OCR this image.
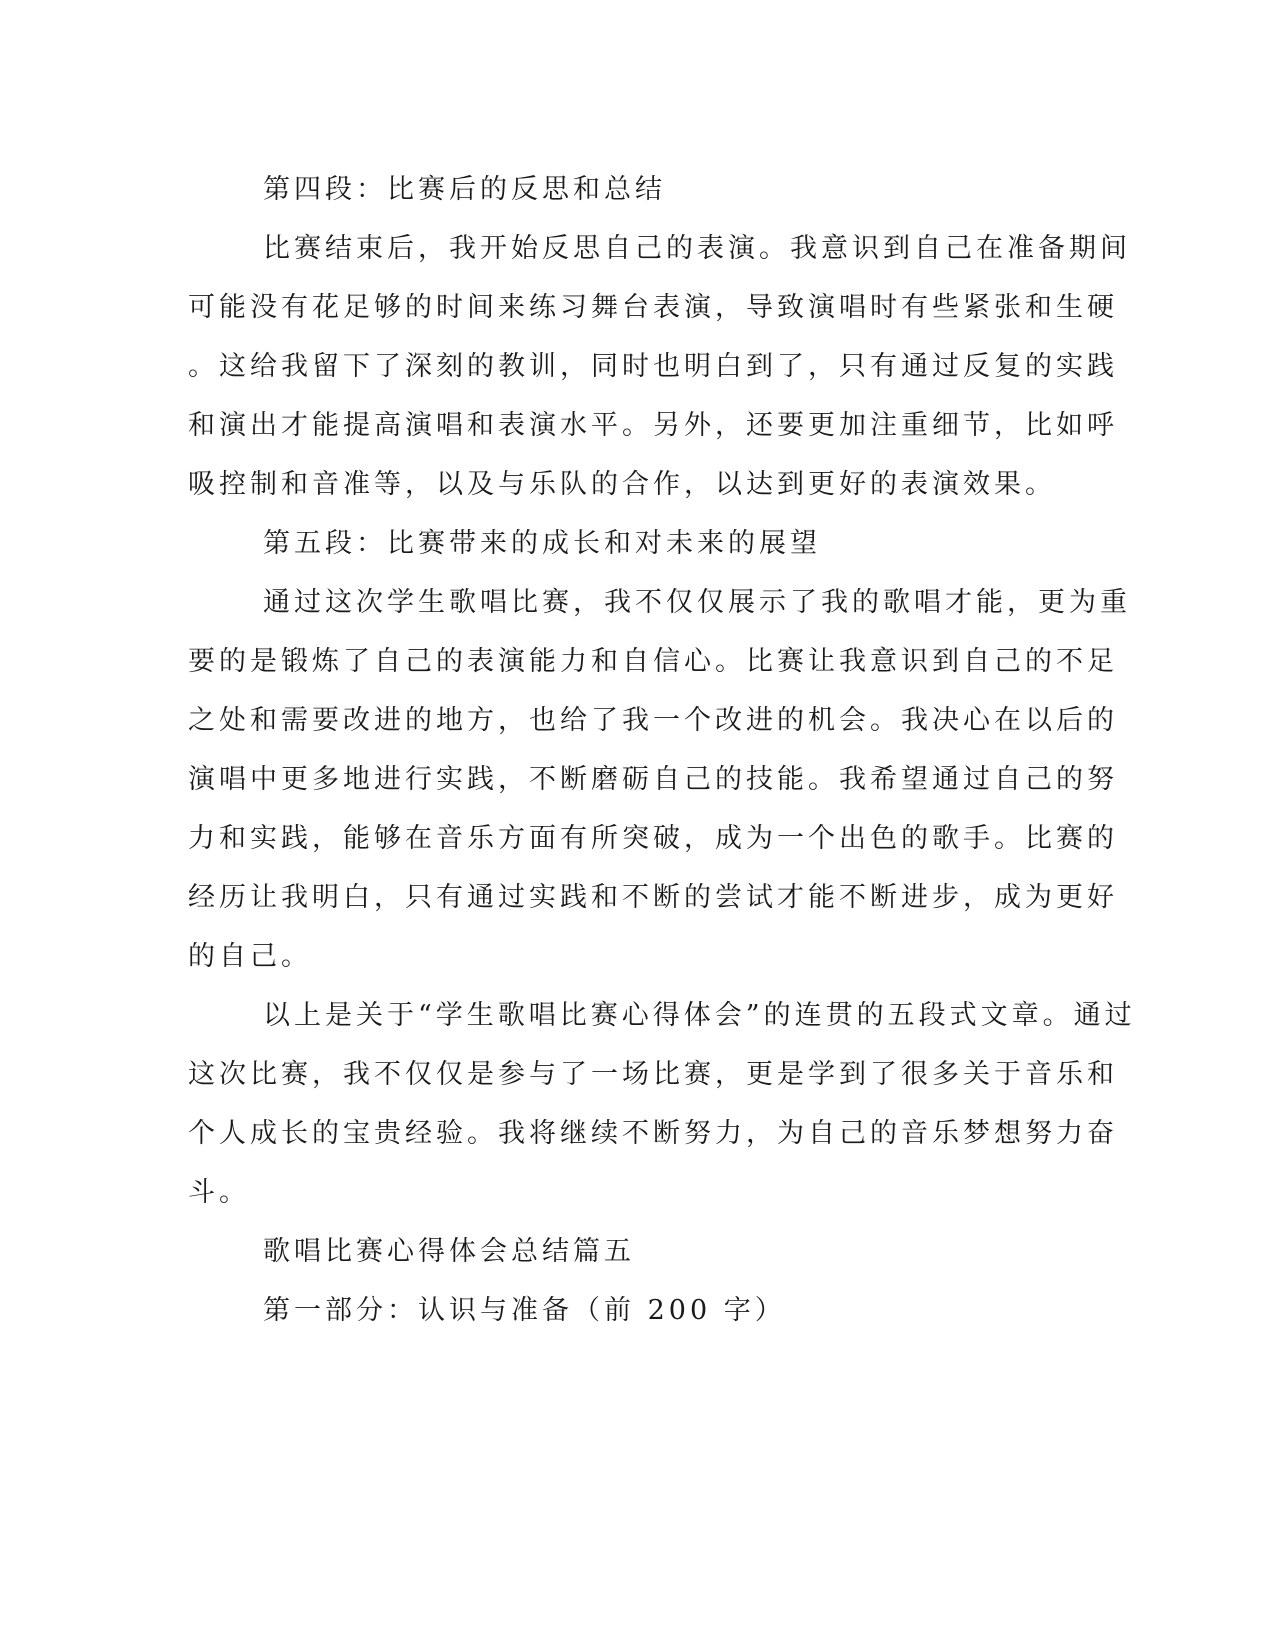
第四段：比赛后的反思和总结

比赛结束后，我开始反思自己的表演。我意识到自己在准备期间

可能没有花足够的时间来练习舞台表演，导致演唱时有些紧张和生硬

。这给我留下了深刻的教训，同时也明白到了，只有通过反复的实践

和演出才能提高演唱和表演水平。另外，还要更加注重细节，比如呼

吸控制和音准等，以及与乐队的合作，以达到更好的表演效果。

第五段：比赛带来的成长和对未来的展望

通过这次学生歌唱比赛，我不仅仅展示了我的歌唱才能，更为重

要的是锻炼了自己的表演能力和自信心。比赛让我意识到自己的不足

之处和需要改进的地方，也给了我一个改进的机会。我决心在以后的

演唱中更多地进行实践，不断磨砺自己的技能。我希望通过自己的努

力和实践，能够在音乐方面有所突破，成为一个出色的歌手。比赛的

经历让我明白，只有通过实践和不断的尝试才能不断进步，成为更好

的自己。

以上是关于“学生歌唱比赛心得体会”的连贯的五段式文章。通过

这次比赛，我不仅仅是参与了一场比赛，更是学到了很多关于音乐和

个人成长的宝贵经验。我将继续不断努力，为自己的音乐梦想努力奋

斗。

歌唱比赛心得体会总结篇五

第一部分：认识与准备（前 200 字）
